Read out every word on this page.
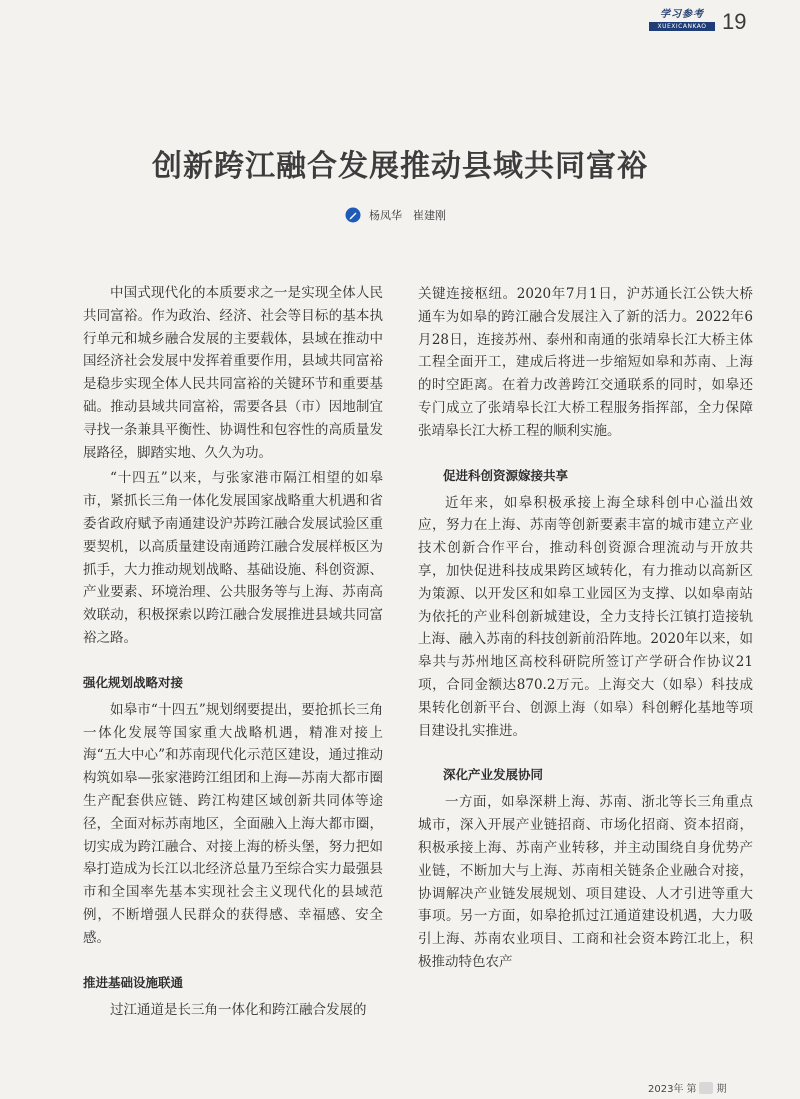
学习参考
XUEXICANKAO 19
创新跨江融合发展推动县域共同富裕
杨凤华　崔建刚

中国式现代化的本质要求之一是实现全体人民共同富裕。作为政治、经济、社会等目标的基本执行单元和城乡融合发展的主要载体，县域在推动中国经济社会发展中发挥着重要作用，县域共同富裕是稳步实现全体人民共同富裕的关键环节和重要基础。推动县域共同富裕，需要各县（市）因地制宜寻找一条兼具平衡性、协调性和包容性的高质量发展路径，脚踏实地、久久为功。

“十四五”以来，与张家港市隔江相望的如皋市，紧抓长三角一体化发展国家战略重大机遇和省委省政府赋予南通建设沪苏跨江融合发展试验区重要契机，以高质量建设南通跨江融合发展样板区为抓手，大力推动规划战略、基础设施、科创资源、产业要素、环境治理、公共服务等与上海、苏南高效联动，积极探索以跨江融合发展推进县域共同富裕之路。

强化规划战略对接

如皋市“十四五”规划纲要提出，要抢抓长三角一体化发展等国家重大战略机遇，精准对接上海“五大中心”和苏南现代化示范区建设，通过推动构筑如皋—张家港跨江组团和上海—苏南大都市圈生产配套供应链、跨江构建区域创新共同体等途径，全面对标苏南地区，全面融入上海大都市圈，切实成为跨江融合、对接上海的桥头堡，努力把如皋打造成为长江以北经济总量乃至综合实力最强县市和全国率先基本实现社会主义现代化的县域范例，不断增强人民群众的获得感、幸福感、安全感。

推进基础设施联通

过江通道是长三角一体化和跨江融合发展的

关键连接枢纽。2020年7月1日，沪苏通长江公铁大桥通车为如皋的跨江融合发展注入了新的活力。2022年6月28日，连接苏州、泰州和南通的张靖皋长江大桥主体工程全面开工，建成后将进一步缩短如皋和苏南、上海的时空距离。在着力改善跨江交通联系的同时，如皋还专门成立了张靖皋长江大桥工程服务指挥部，全力保障张靖皋长江大桥工程的顺利实施。

促进科创资源嫁接共享

近年来，如皋积极承接上海全球科创中心溢出效应，努力在上海、苏南等创新要素丰富的城市建立产业技术创新合作平台，推动科创资源合理流动与开放共享，加快促进科技成果跨区域转化，有力推动以高新区为策源、以开发区和如皋工业园区为支撑、以如皋南站为依托的产业科创新城建设，全力支持长江镇打造接轨上海、融入苏南的科技创新前沿阵地。2020年以来，如皋共与苏州地区高校科研院所签订产学研合作协议21项，合同金额达870.2万元。上海交大（如皋）科技成果转化创新平台、创源上海（如皋）科创孵化基地等项目建设扎实推进。

深化产业发展协同

一方面，如皋深耕上海、苏南、浙北等长三角重点城市，深入开展产业链招商、市场化招商、资本招商，积极承接上海、苏南产业转移，并主动围绕自身优势产业链，不断加大与上海、苏南相关链条企业融合对接，协调解决产业链发展规划、项目建设、人才引进等重大事项。另一方面，如皋抢抓过江通道建设机遇，大力吸引上海、苏南农业项目、工商和社会资本跨江北上，积极推动特色农产

2023年 第 期
